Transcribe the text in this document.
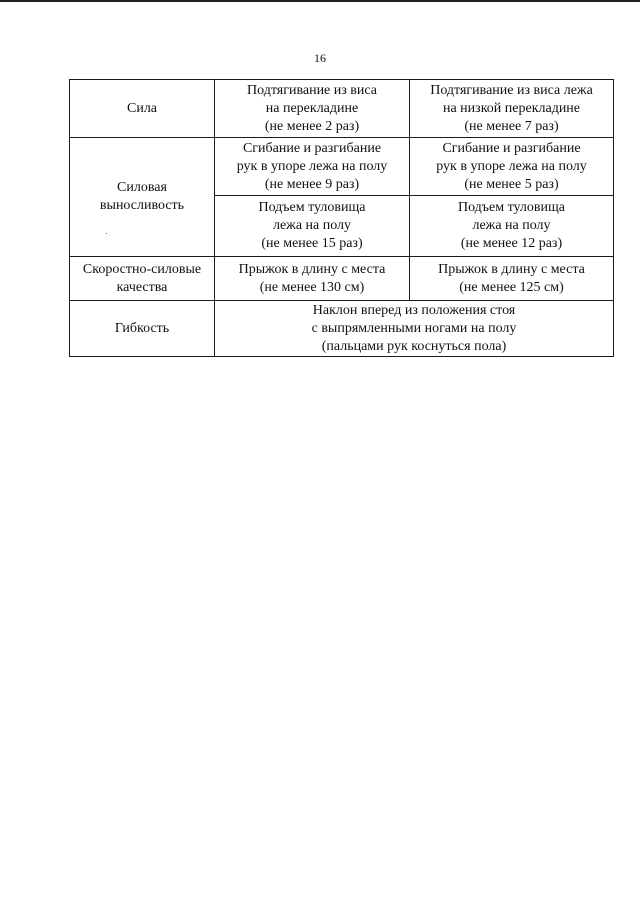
16
Сила	Подтягивание из виса
на перекладине
(не менее 2 раз)	Подтягивание из виса лежа
на низкой перекладине
(не менее 7 раз)

Силовая
выносливость	Сгибание и разгибание
рук в упоре лежа на полу
(не менее 9 раз)	Сгибание и разгибание
рук в упоре лежа на полу
(не менее 5 раз)

	Подъем туловища
лежа на полу
(не менее 15 раз)	Подъем туловища
лежа на полу
(не менее 12 раз)

Скоростно-силовые
качества	Прыжок в длину с места
(не менее 130 см)	Прыжок в длину с места
(не менее 125 см)

Гибкость	Наклон вперед из положения стоя
с выпрямленными ногами на полу
(пальцами рук коснуться пола)	
